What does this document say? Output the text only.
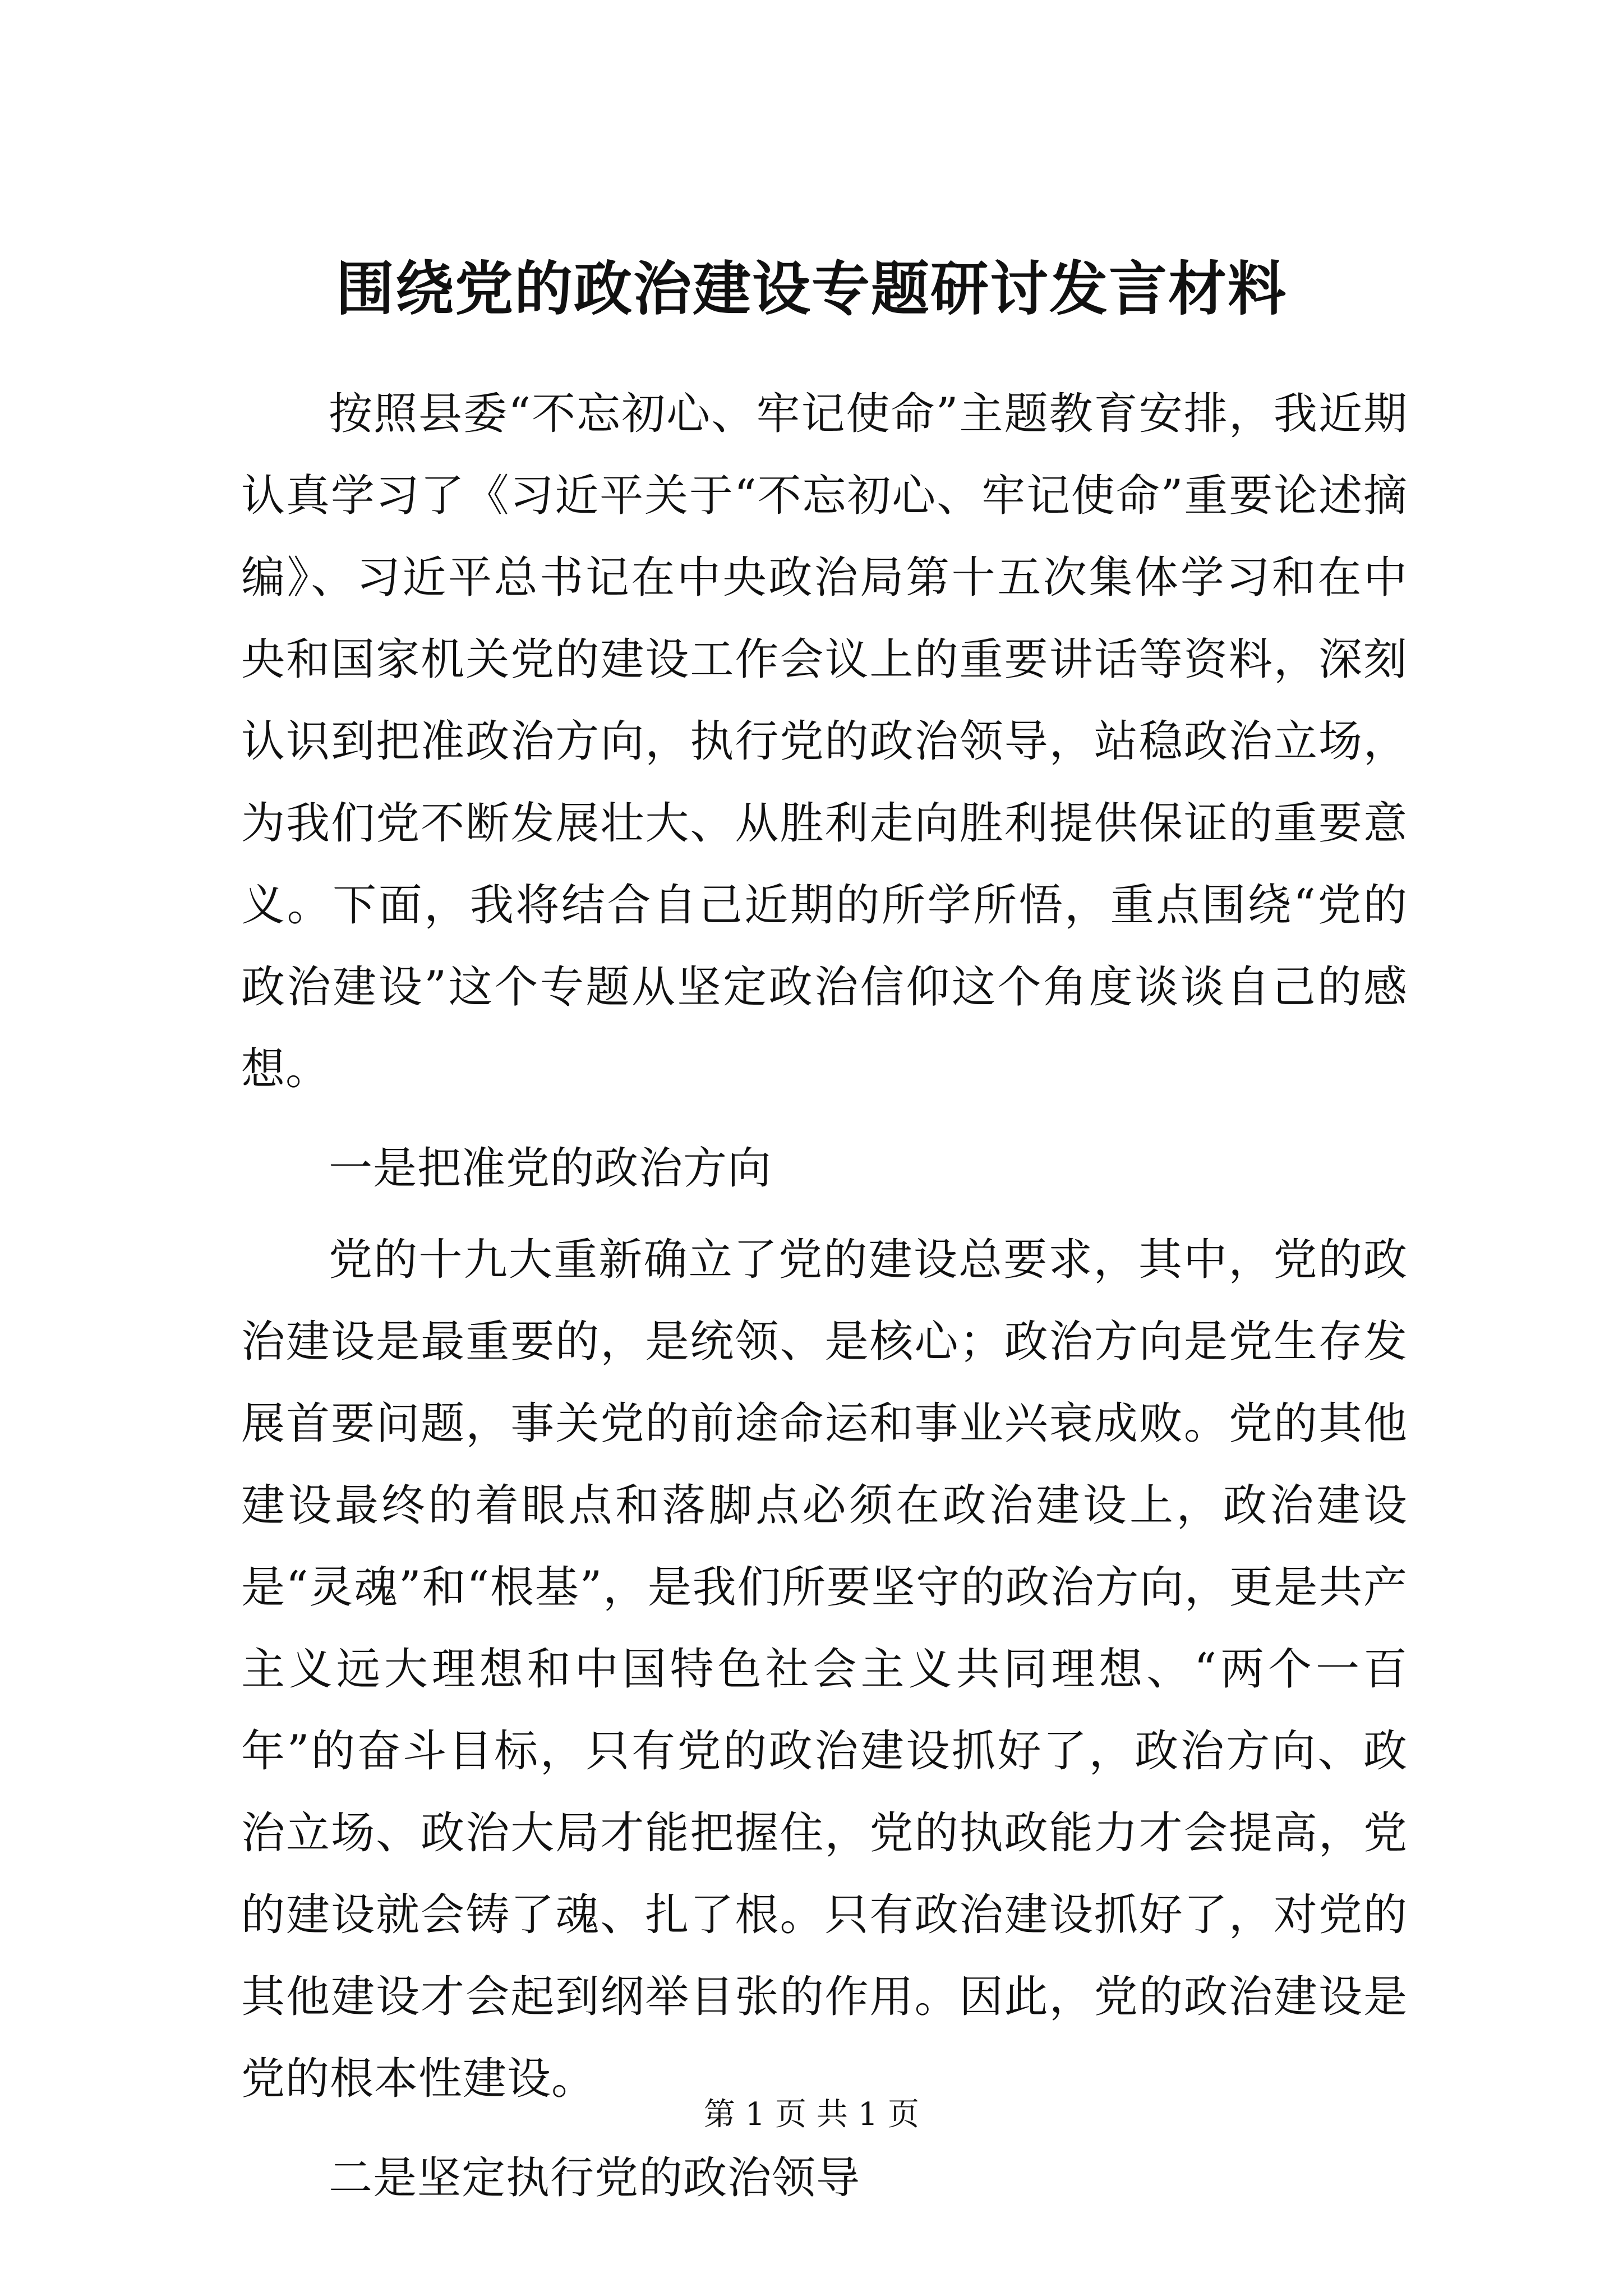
围绕党的政治建设专题研讨发言材料

按照县委“不忘初心、牢记使命”主题教育安排，我近期认真学习了《习近平关于“不忘初心、牢记使命”重要论述摘编》、习近平总书记在中央政治局第十五次集体学习和在中央和国家机关党的建设工作会议上的重要讲话等资料，深刻认识到把准政治方向，执行党的政治领导，站稳政治立场，为我们党不断发展壮大、从胜利走向胜利提供保证的重要意义。下面，我将结合自己近期的所学所悟，重点围绕“党的政治建设”这个专题从坚定政治信仰这个角度谈谈自己的感想。

一是把准党的政治方向

党的十九大重新确立了党的建设总要求，其中，党的政治建设是最重要的，是统领、是核心；政治方向是党生存发展首要问题，事关党的前途命运和事业兴衰成败。党的其他建设最终的着眼点和落脚点必须在政治建设上，政治建设是“灵魂”和“根基”，是我们所要坚守的政治方向，更是共产主义远大理想和中国特色社会主义共同理想、“两个一百年”的奋斗目标，只有党的政治建设抓好了，政治方向、政治立场、政治大局才能把握住，党的执政能力才会提高，党的建设就会铸了魂、扎了根。只有政治建设抓好了，对党的其他建设才会起到纲举目张的作用。因此，党的政治建设是党的根本性建设。

二是坚定执行党的政治领导

第 1 页 共 1 页
